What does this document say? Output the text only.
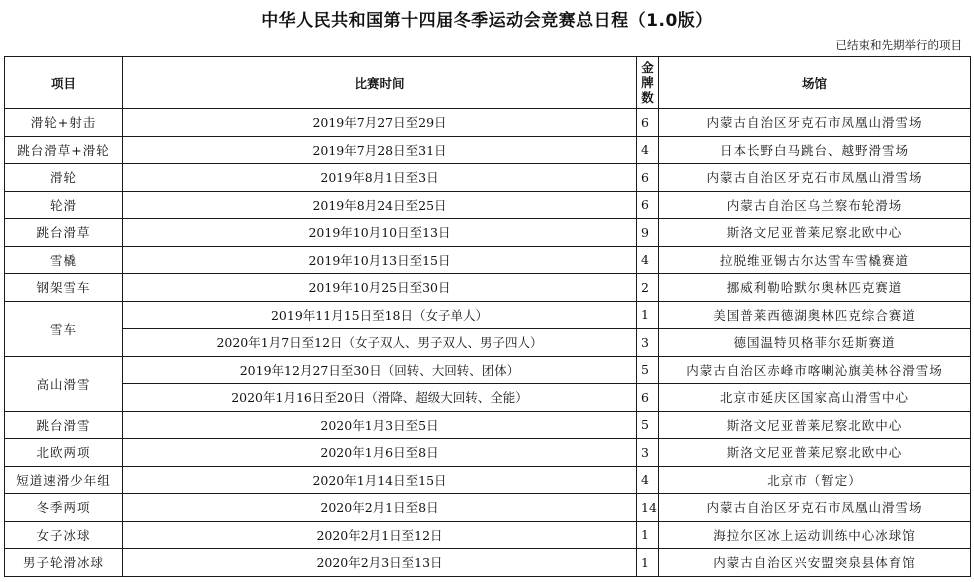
中华人民共和国第十四届冬季运动会竞赛总日程（1.0版）
已结束和先期举行的项目
项目	比赛时间	金牌数	场馆
滑轮+射击	2019年7月27日至29日	6	内蒙古自治区牙克石市凤凰山滑雪场
跳台滑草+滑轮	2019年7月28日至31日	4	日本长野白马跳台、越野滑雪场
滑轮	2019年8月1日至3日	6	内蒙古自治区牙克石市凤凰山滑雪场
轮滑	2019年8月24日至25日	6	内蒙古自治区乌兰察布轮滑场
跳台滑草	2019年10月10日至13日	9	斯洛文尼亚普莱尼察北欧中心
雪橇	2019年10月13日至15日	4	拉脱维亚锡古尔达雪车雪橇赛道
钢架雪车	2019年10月25日至30日	2	挪威利勒哈默尔奥林匹克赛道
雪车	2019年11月15日至18日（女子单人）	1	美国普莱西德湖奥林匹克综合赛道
	2020年1月7日至12日（女子双人、男子双人、男子四人）	3	德国温特贝格菲尔廷斯赛道
高山滑雪	2019年12月27日至30日（回转、大回转、团体）	5	内蒙古自治区赤峰市喀喇沁旗美林谷滑雪场
	2020年1月16日至20日（滑降、超级大回转、全能）	6	北京市延庆区国家高山滑雪中心
跳台滑雪	2020年1月3日至5日	5	斯洛文尼亚普莱尼察北欧中心
北欧两项	2020年1月6日至8日	3	斯洛文尼亚普莱尼察北欧中心
短道速滑少年组	2020年1月14日至15日	4	北京市（暂定）
冬季两项	2020年2月1日至8日	14	内蒙古自治区牙克石市凤凰山滑雪场
女子冰球	2020年2月1日至12日	1	海拉尔区冰上运动训练中心冰球馆
男子轮滑冰球	2020年2月3日至13日	1	内蒙古自治区兴安盟突泉县体育馆
